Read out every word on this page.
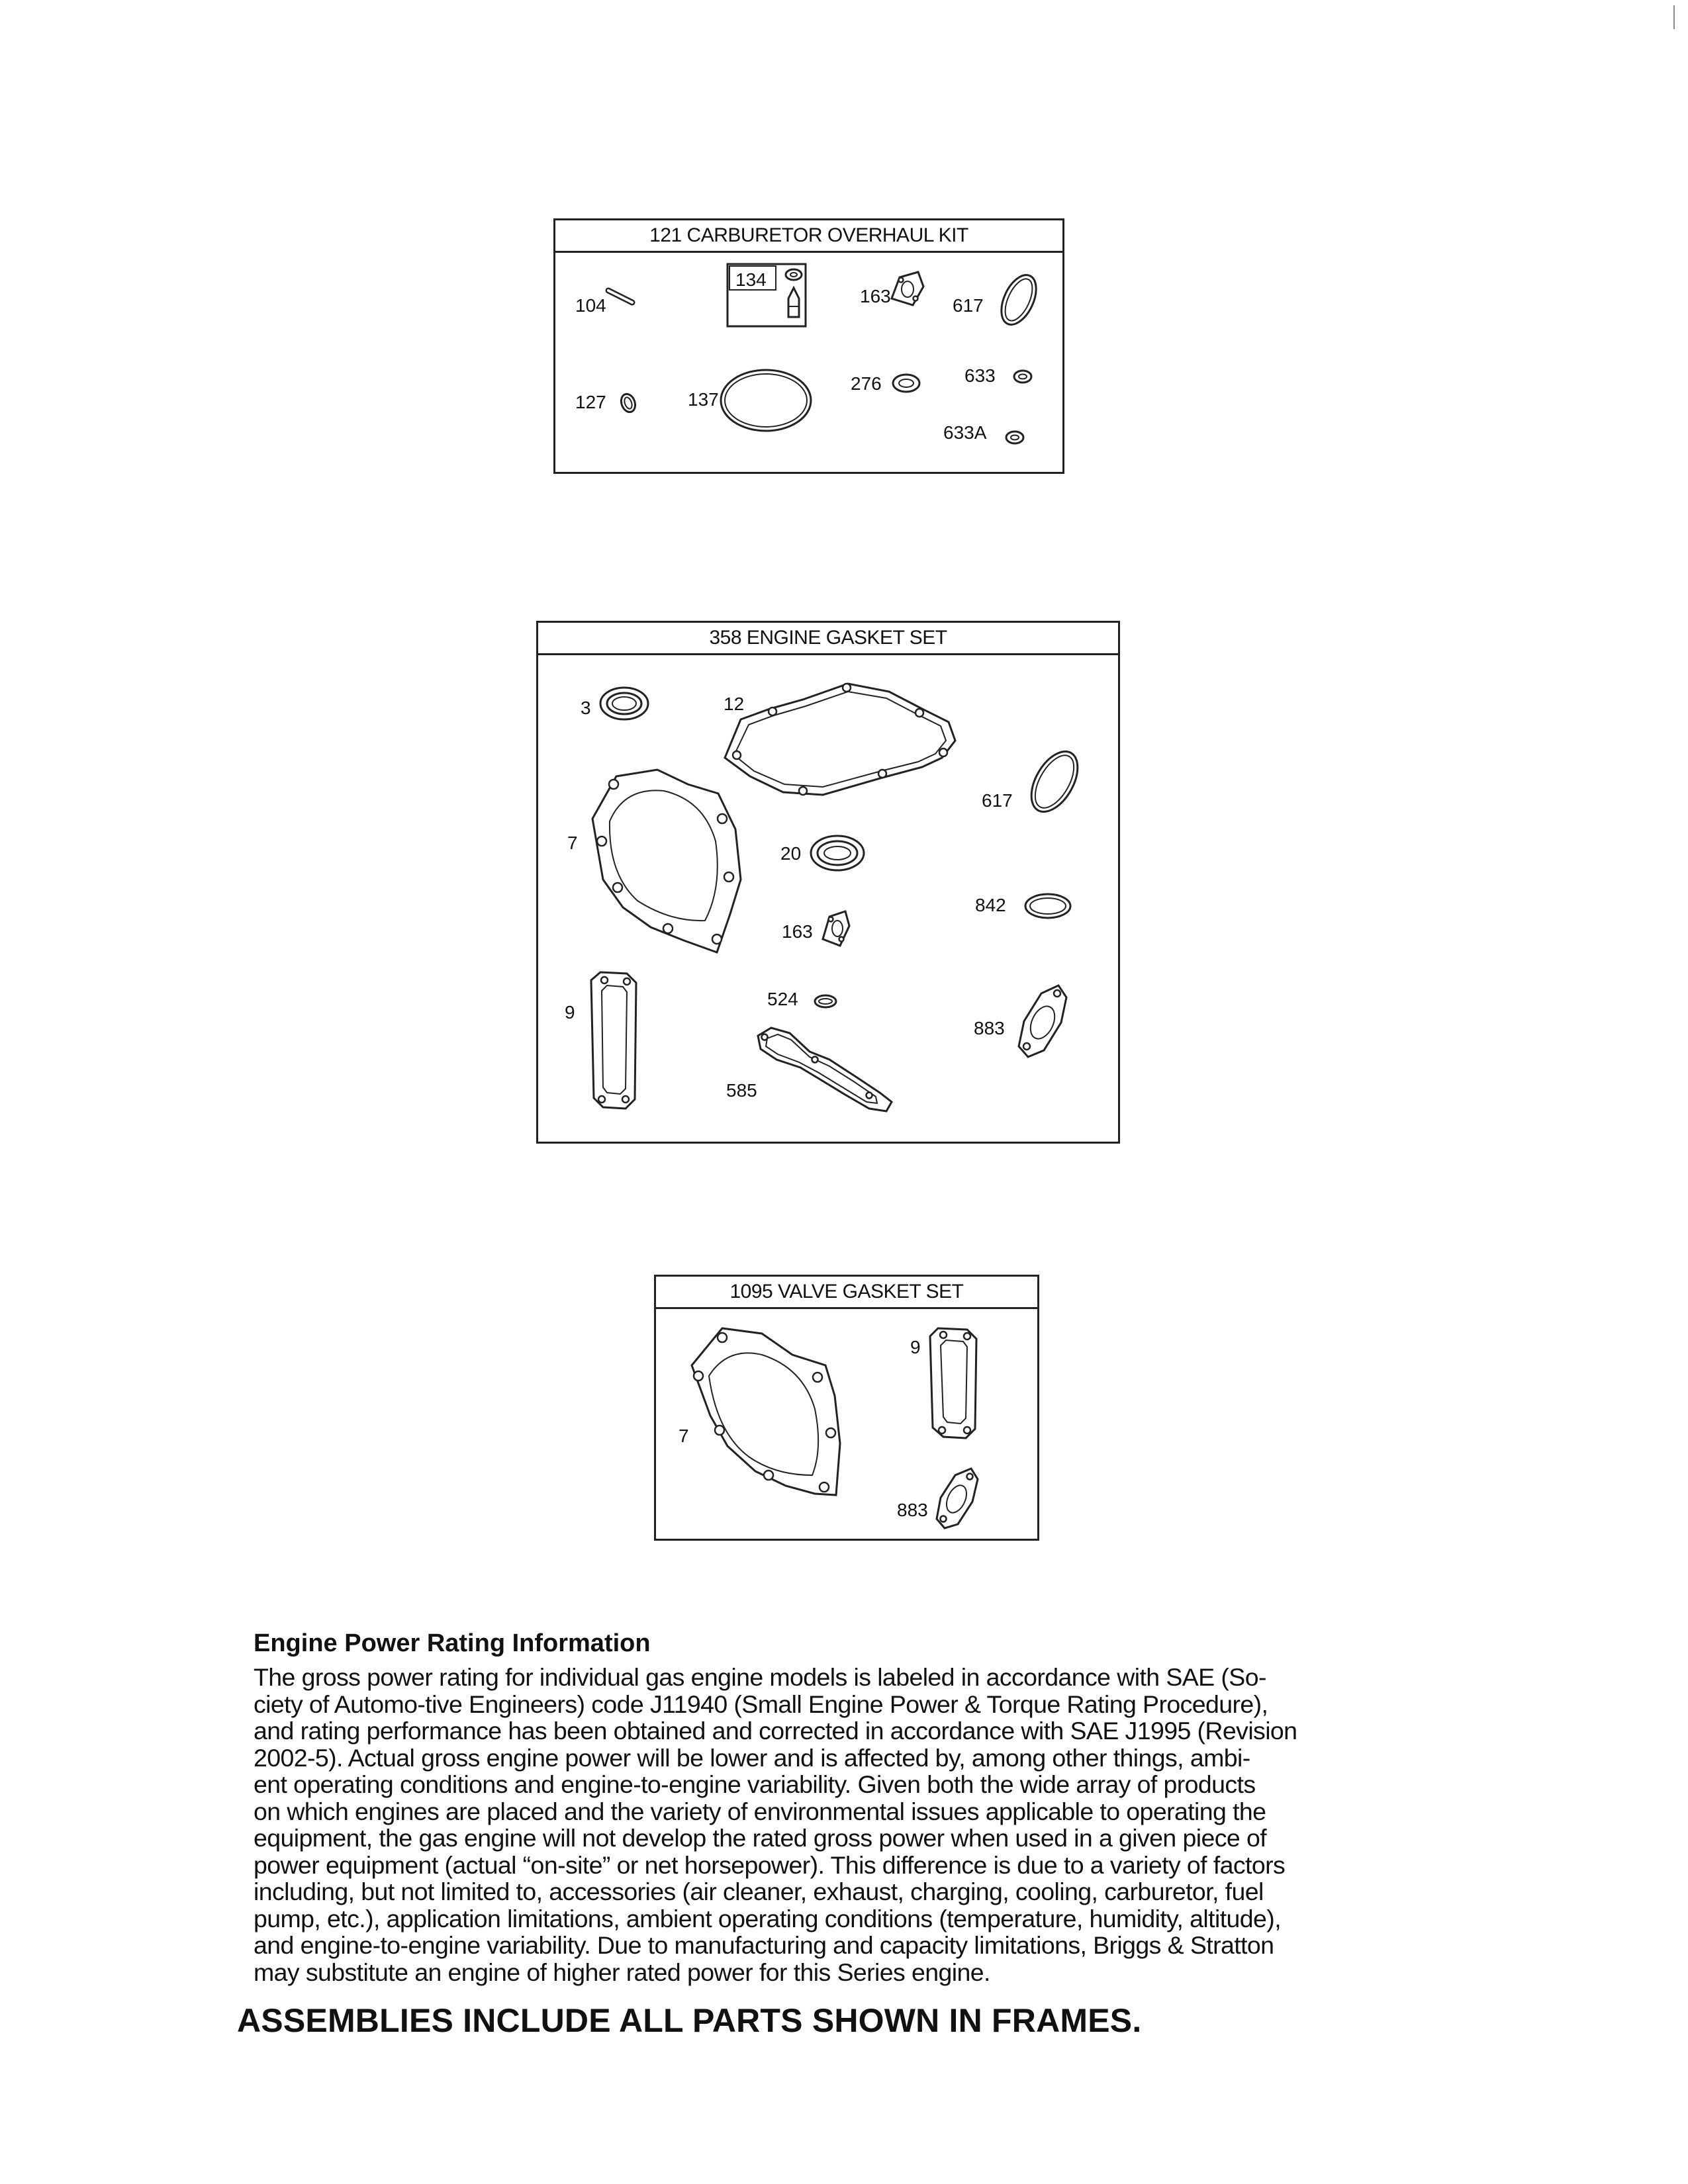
121 CARBURETOR OVERHAUL KIT
104
134
163	617
127	137
276	633
633A
358 ENGINE GASKET SET
3	12
617
7
20
842
163
9
524
883
585
1095 VALVE GASKET SET
9
7
883
Engine Power Rating Information
The gross power rating for individual gas engine models is labeled in accordance with SAE (So-
ciety of Automo-tive Engineers) code J11940 (Small Engine Power & Torque Rating Procedure),
and rating performance has been obtained and corrected in accordance with SAE J1995 (Revision
2002-5). Actual gross engine power will be lower and is affected by, among other things, ambi-
ent operating conditions and engine-to-engine variability. Given both the wide array of products
on which engines are placed and the variety of environmental issues applicable to operating the
equipment, the gas engine will not develop the rated gross power when used in a given piece of
power equipment (actual “on-site” or net horsepower). This difference is due to a variety of factors
including, but not limited to, accessories (air cleaner, exhaust, charging, cooling, carburetor, fuel
pump, etc.), application limitations, ambient operating conditions (temperature, humidity, altitude),
and engine-to-engine variability. Due to manufacturing and capacity limitations, Briggs & Stratton
may substitute an engine of higher rated power for this Series engine.
ASSEMBLIES INCLUDE ALL PARTS SHOWN IN FRAMES.
